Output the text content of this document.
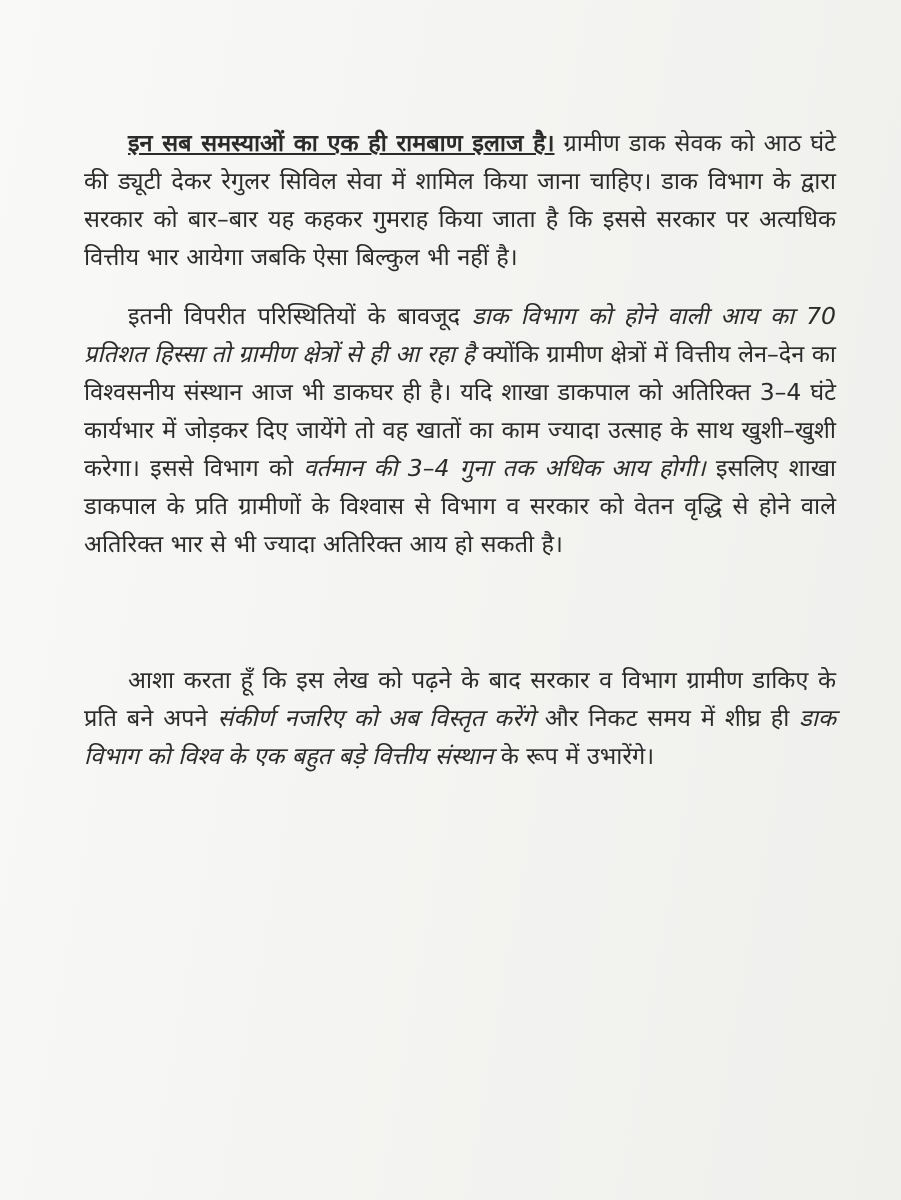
इन सब समस्याओं का एक ही रामबाण इलाज है। ग्रामीण डाक सेवक को आठ घंटे की ड्यूटी देकर रेगुलर सिविल सेवा में शामिल किया जाना चाहिए। डाक विभाग के द्वारा सरकार को बार–बार यह कहकर गुमराह किया जाता है कि इससे सरकार पर अत्यधिक वित्तीय भार आयेगा जबकि ऐसा बिल्कुल भी नहीं है।

इतनी विपरीत परिस्थितियों के बावजूद डाक विभाग को होने वाली आय का 70 प्रतिशत हिस्सा तो ग्रामीण क्षेत्रों से ही आ रहा है क्योंकि ग्रामीण क्षेत्रों में वित्तीय लेन–देन का विश्वसनीय संस्थान आज भी डाकघर ही है। यदि शाखा डाकपाल को अतिरिक्त 3–4 घंटे कार्यभार में जोड़कर दिए जायेंगे तो वह खातों का काम ज्यादा उत्साह के साथ खुशी–खुशी करेगा। इससे विभाग को वर्तमान की 3–4 गुना तक अधिक आय होगी। इसलिए शाखा डाकपाल के प्रति ग्रामीणों के विश्वास से विभाग व सरकार को वेतन वृद्धि से होने वाले अतिरिक्त भार से भी ज्यादा अतिरिक्त आय हो सकती है।

आशा करता हूँ कि इस लेख को पढ़ने के बाद सरकार व विभाग ग्रामीण डाकिए के प्रति बने अपने संकीर्ण नजरिए को अब विस्तृत करेंगे और निकट समय में शीघ्र ही डाक विभाग को विश्व के एक बहुत बड़े वित्तीय संस्थान के रूप में उभारेंगे।
